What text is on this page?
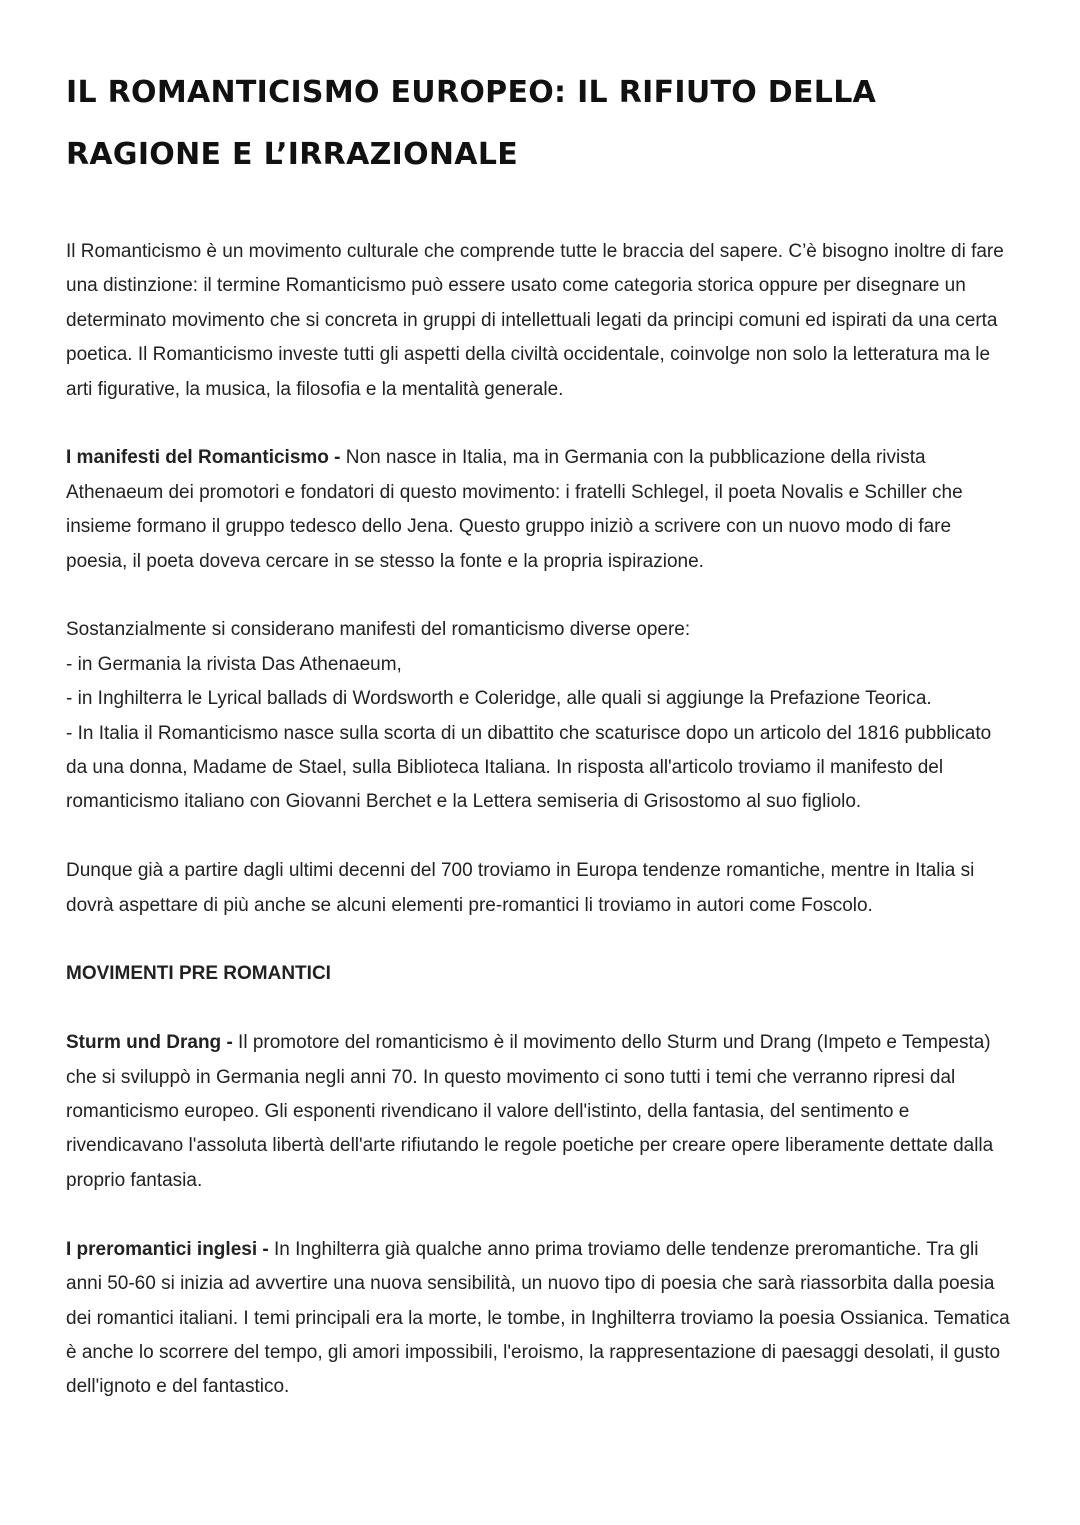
IL ROMANTICISMO EUROPEO: IL RIFIUTO DELLA RAGIONE E L’IRRAZIONALE

Il Romanticismo è un movimento culturale che comprende tutte le braccia del sapere. C’è bisogno inoltre di fare una distinzione: il termine Romanticismo può essere usato come categoria storica oppure per disegnare un determinato movimento che si concreta in gruppi di intellettuali legati da principi comuni ed ispirati da una certa poetica. Il Romanticismo investe tutti gli aspetti della civiltà occidentale, coinvolge non solo la letteratura ma le arti figurative, la musica, la filosofia e la mentalità generale.

I manifesti del Romanticismo - Non nasce in Italia, ma in Germania con la pubblicazione della rivista Athenaeum dei promotori e fondatori di questo movimento: i fratelli Schlegel, il poeta Novalis e Schiller che insieme formano il gruppo tedesco dello Jena. Questo gruppo iniziò a scrivere con un nuovo modo di fare poesia, il poeta doveva cercare in se stesso la fonte e la propria ispirazione.

Sostanzialmente si considerano manifesti del romanticismo diverse opere:

- in Germania la rivista Das Athenaeum,

- in Inghilterra le Lyrical ballads di Wordsworth e Coleridge, alle quali si aggiunge la Prefazione Teorica.

- In Italia il Romanticismo nasce sulla scorta di un dibattito che scaturisce dopo un articolo del 1816 pubblicato da una donna, Madame de Stael, sulla Biblioteca Italiana. In risposta all'articolo troviamo il manifesto del romanticismo italiano con Giovanni Berchet e la Lettera semiseria di Grisostomo al suo figliolo.

Dunque già a partire dagli ultimi decenni del 700 troviamo in Europa tendenze romantiche, mentre in Italia si dovrà aspettare di più anche se alcuni elementi pre-romantici li troviamo in autori come Foscolo.

MOVIMENTI PRE ROMANTICI

Sturm und Drang - Il promotore del romanticismo è il movimento dello Sturm und Drang (Impeto e Tempesta) che si sviluppò in Germania negli anni 70. In questo movimento ci sono tutti i temi che verranno ripresi dal romanticismo europeo. Gli esponenti rivendicano il valore dell'istinto, della fantasia, del sentimento e rivendicavano l'assoluta libertà dell'arte rifiutando le regole poetiche per creare opere liberamente dettate dalla proprio fantasia.

I preromantici inglesi - In Inghilterra già qualche anno prima troviamo delle tendenze preromantiche. Tra gli anni 50-60 si inizia ad avvertire una nuova sensibilità, un nuovo tipo di poesia che sarà riassorbita dalla poesia dei romantici italiani. I temi principali era la morte, le tombe, in Inghilterra troviamo la poesia Ossianica. Tematica è anche lo scorrere del tempo, gli amori impossibili, l'eroismo, la rappresentazione di paesaggi desolati, il gusto dell'ignoto e del fantastico.
